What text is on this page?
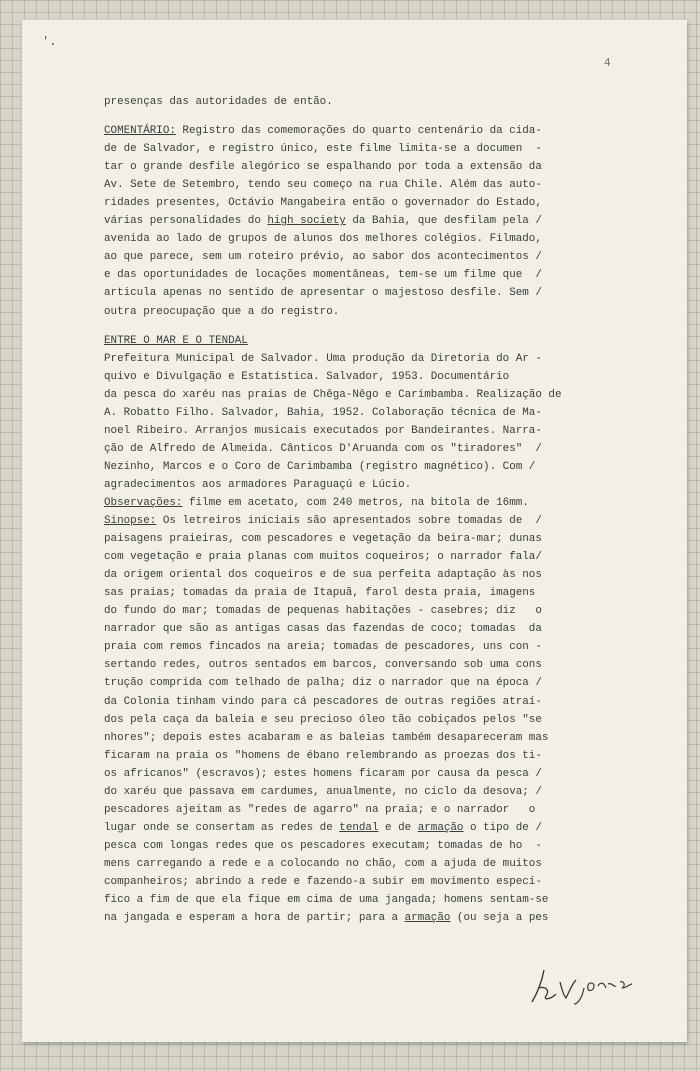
'.
4
presenças das autoridades de então.
COMENTÁRIO: Registro das comemorações do quarto centenário da cida-
de de Salvador, e registro único, este filme limita-se a documen  -
tar o grande desfile alegórico se espalhando por toda a extensão da
Av. Sete de Setembro, tendo seu começo na rua Chile. Além das auto-
ridades presentes, Octávio Mangabeira então o governador do Estado,
várias personalidades do high society da Bahia, que desfilam pela /
avenida ao lado de grupos de alunos dos melhores colégios. Filmado,
ao que parece, sem um roteiro prévio, ao sabor dos acontecimentos /
e das oportunidades de locações momentâneas, tem-se um filme que  /
articula apenas no sentido de apresentar o majestoso desfile. Sem /
outra preocupação que a do registro.
ENTRE O MAR E O TENDAL
Prefeitura Municipal de Salvador. Uma produção da Diretoria do Ar -
quivo e Divulgação e Estatística. Salvador, 1953. Documentário
da pesca do xaréu nas praias de Chêga-Nêgo e Carimbamba. Realização de
A. Robatto Filho. Salvador, Bahia, 1952. Colaboração técnica de Ma-
noel Ribeiro. Arranjos musicais executados por Bandeirantes. Narra-
ção de Alfredo de Almeida. Cânticos D'Aruanda com os "tiradores"  /
Nezinho, Marcos e o Coro de Carimbamba (registro magnético). Com /
agradecimentos aos armadores Paraguaçú e Lúcio.
Observações: filme em acetato, com 240 metros, na bitola de 16mm.
Sinopse: Os letreiros iniciais são apresentados sobre tomadas de  /
paisagens praieiras, com pescadores e vegetação da beira-mar; dunas
com vegetação e praia planas com muitos coqueiros; o narrador fala/
da origem oriental dos coqueiros e de sua perfeita adaptação às nos
sas praias; tomadas da praia de Itapuã, farol desta praia, imagens
do fundo do mar; tomadas de pequenas habitações - casebres; diz   o
narrador que são as antigas casas das fazendas de coco; tomadas  da
praia com remos fincados na areia; tomadas de pescadores, uns con -
sertando redes, outros sentados em barcos, conversando sob uma cons
trução comprida com telhado de palha; diz o narrador que na época /
da Colonia tinham vindo para cá pescadores de outras regiões atraí-
dos pela caça da baleia e seu precioso óleo tão cobiçados pelos "se
nhores"; depois estes acabaram e as baleias também desapareceram mas
ficaram na praia os "homens de ébano relembrando as proezas dos ti-
os africanos" (escravos); estes homens ficaram por causa da pesca /
do xaréu que passava em cardumes, anualmente, no ciclo da desova; /
pescadores ajeitam as "redes de agarro" na praia; e o narrador   o
lugar onde se consertam as redes de tendal e de armação o tipo de /
pesca com longas redes que os pescadores executam; tomadas de ho  -
mens carregando a rede e a colocando no chão, com a ajuda de muitos
companheiros; abrindo a rede e fazendo-a subir em movimento especí-
fico a fim de que ela fique em cima de uma jangada; homens sentam-se
na jangada e esperam a hora de partir; para a armação (ou seja a pes
